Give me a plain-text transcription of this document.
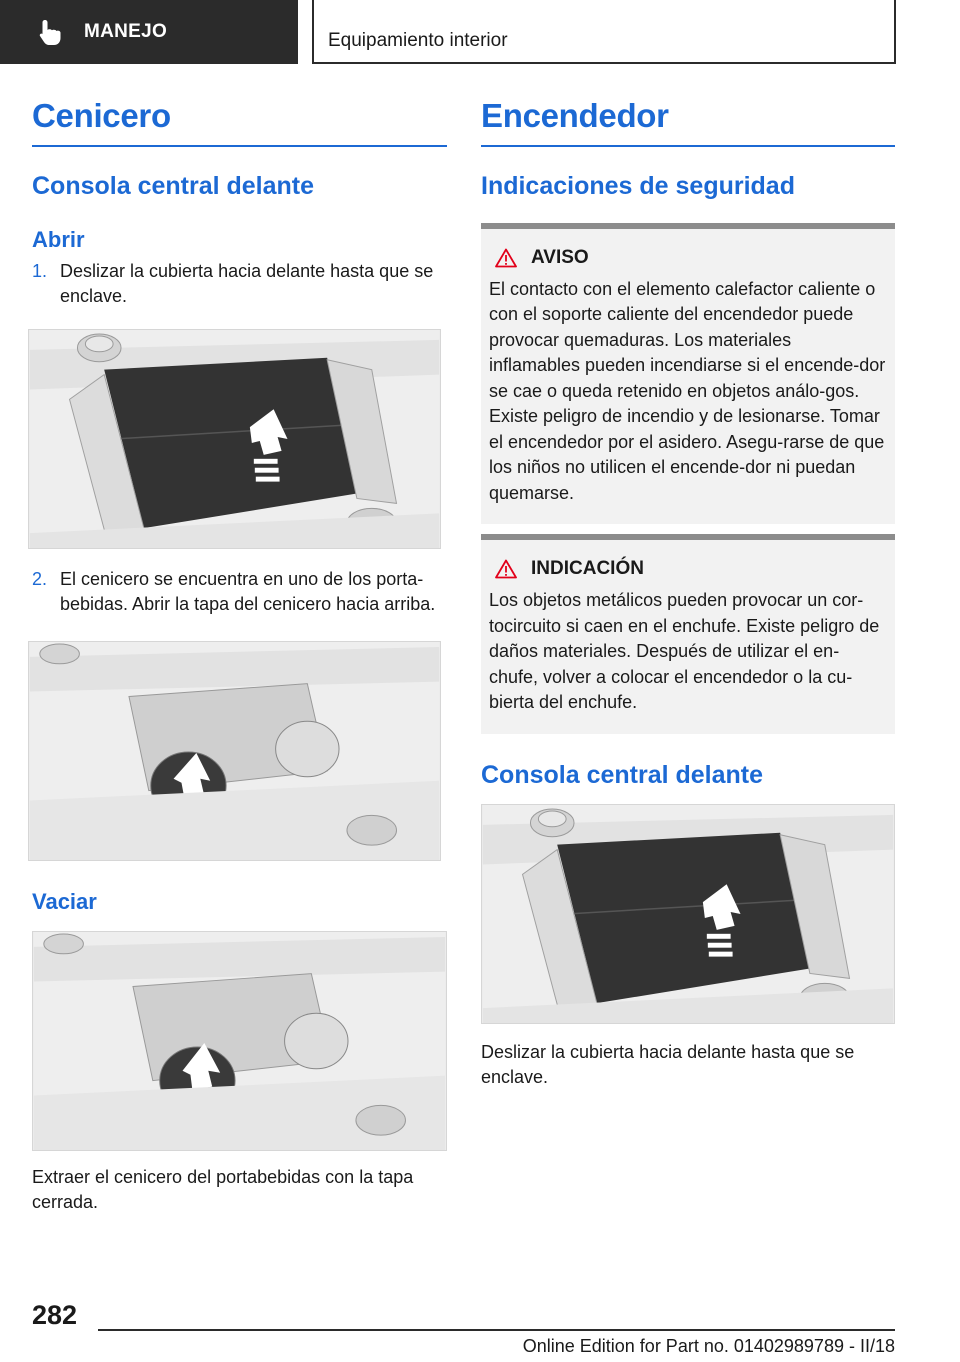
MANEJO	Equipamiento interior
Cenicero
Consola central delante
Abrir
1. Deslizar la cubierta hacia delante hasta que se enclave.
2. El cenicero se encuentra en uno de los porta-bebidas. Abrir la tapa del cenicero hacia arriba.
Vaciar

Extraer el cenicero del portabebidas con la tapa cerrada.

Encendedor
Indicaciones de seguridad
AVISO

El contacto con el elemento calefactor caliente o con el soporte caliente del encendedor puede provocar quemaduras. Los materiales inflamables pueden incendiarse si el encende-dor se cae o queda retenido en objetos análo-gos. Existe peligro de incendio y de lesionarse. Tomar el encendedor por el asidero. Asegu-rarse de que los niños no utilicen el encende-dor ni puedan quemarse.

INDICACIÓN

Los objetos metálicos pueden provocar un cor-tocircuito si caen en el enchufe. Existe peligro de daños materiales. Después de utilizar el en-chufe, volver a colocar el encendedor o la cu-bierta del enchufe.

Consola central delante

Deslizar la cubierta hacia delante hasta que se enclave.

282
Online Edition for Part no. 01402989789 - II/18
